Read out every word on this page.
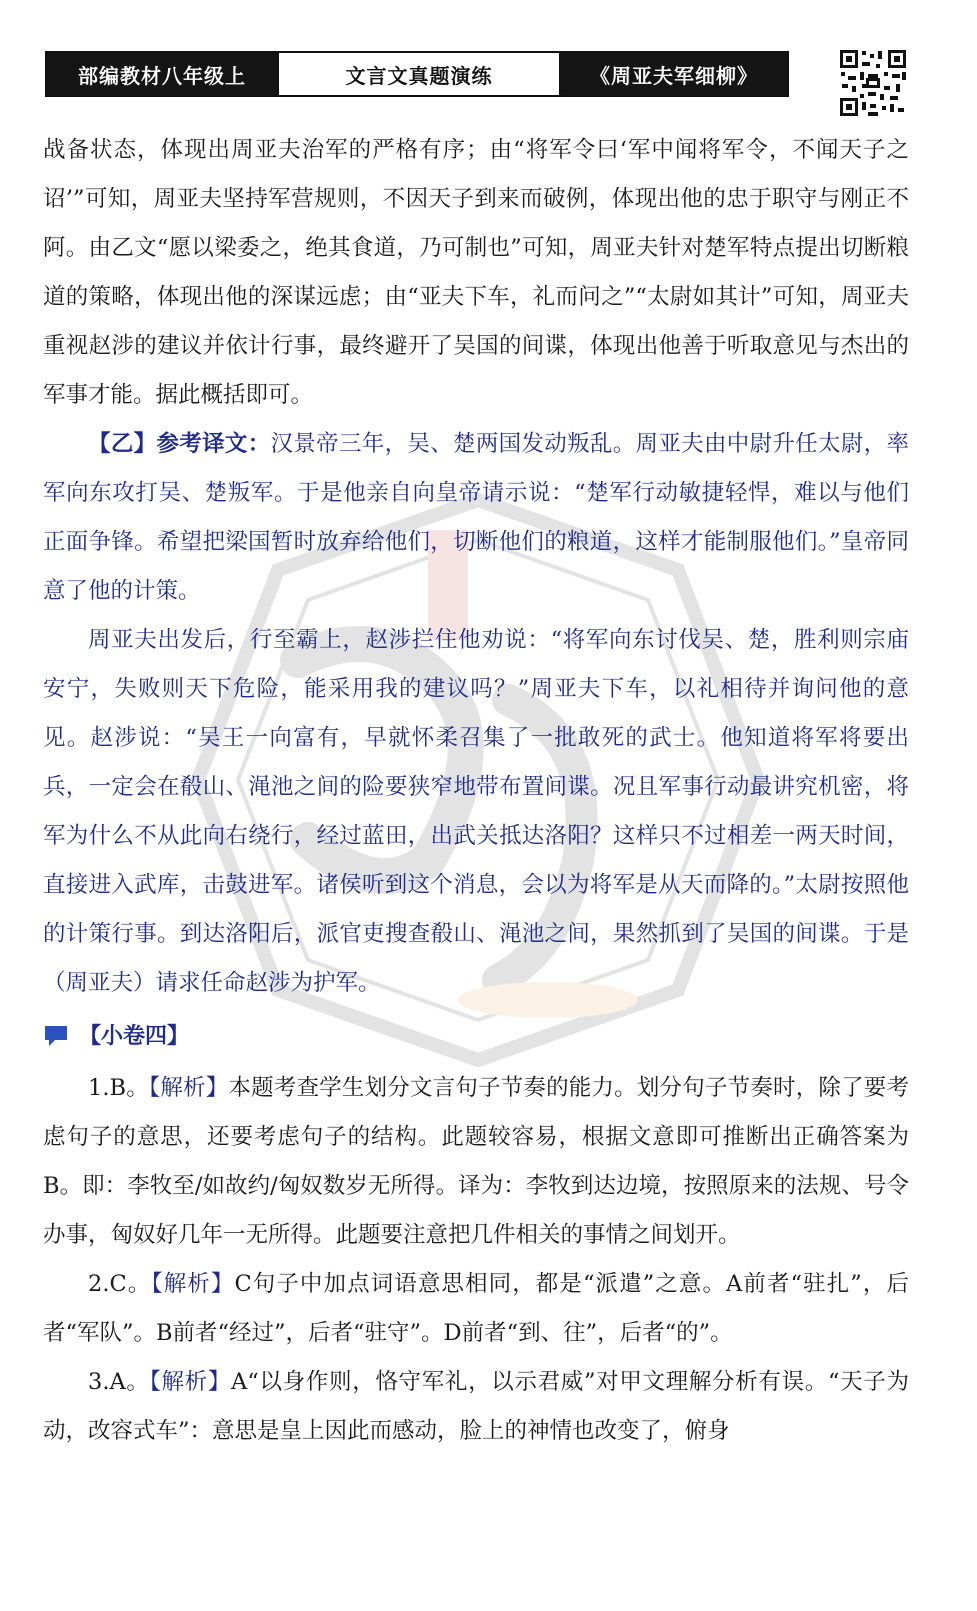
部编教材八年级上	文言文真题演练	《周亚夫军细柳》

战备状态，体现出周亚夫治军的严格有序；由“将军令曰‘军中闻将军令，不闻天子之诏’”可知，周亚夫坚持军营规则，不因天子到来而破例，体现出他的忠于职守与刚正不阿。由乙文“愿以梁委之，绝其食道，乃可制也”可知，周亚夫针对楚军特点提出切断粮道的策略，体现出他的深谋远虑；由“亚夫下车，礼而问之”“太尉如其计”可知，周亚夫重视赵涉的建议并依计行事，最终避开了吴国的间谍，体现出他善于听取意见与杰出的军事才能。据此概括即可。

【乙】参考译文：汉景帝三年，吴、楚两国发动叛乱。周亚夫由中尉升任太尉，率军向东攻打吴、楚叛军。于是他亲自向皇帝请示说：“楚军行动敏捷轻悍，难以与他们正面争锋。希望把梁国暂时放弃给他们，切断他们的粮道，这样才能制服他们。”皇帝同意了他的计策。

周亚夫出发后，行至霸上，赵涉拦住他劝说：“将军向东讨伐吴、楚，胜利则宗庙安宁，失败则天下危险，能采用我的建议吗？”周亚夫下车，以礼相待并询问他的意见。赵涉说：“吴王一向富有，早就怀柔召集了一批敢死的武士。他知道将军将要出兵，一定会在殽山、渑池之间的险要狭窄地带布置间谍。况且军事行动最讲究机密，将军为什么不从此向右绕行，经过蓝田，出武关抵达洛阳？这样只不过相差一两天时间，直接进入武库，击鼓进军。诸侯听到这个消息，会以为将军是从天而降的。”太尉按照他的计策行事。到达洛阳后，派官吏搜查殽山、渑池之间，果然抓到了吴国的间谍。于是（周亚夫）请求任命赵涉为护军。

【小卷四】

1.B。【解析】本题考查学生划分文言句子节奏的能力。划分句子节奏时，除了要考虑句子的意思，还要考虑句子的结构。此题较容易，根据文意即可推断出正确答案为B。即：李牧至/如故约/匈奴数岁无所得。译为：李牧到达边境，按照原来的法规、号令办事，匈奴好几年一无所得。此题要注意把几件相关的事情之间划开。

2.C。【解析】C句子中加点词语意思相同，都是“派遣”之意。A前者“驻扎”，后者“军队”。B前者“经过”，后者“驻守”。D前者“到、往”，后者“的”。

3.A。【解析】A“以身作则，恪守军礼，以示君威”对甲文理解分析有误。“天子为动，改容式车”：意思是皇上因此而感动，脸上的神情也改变了，俯身
